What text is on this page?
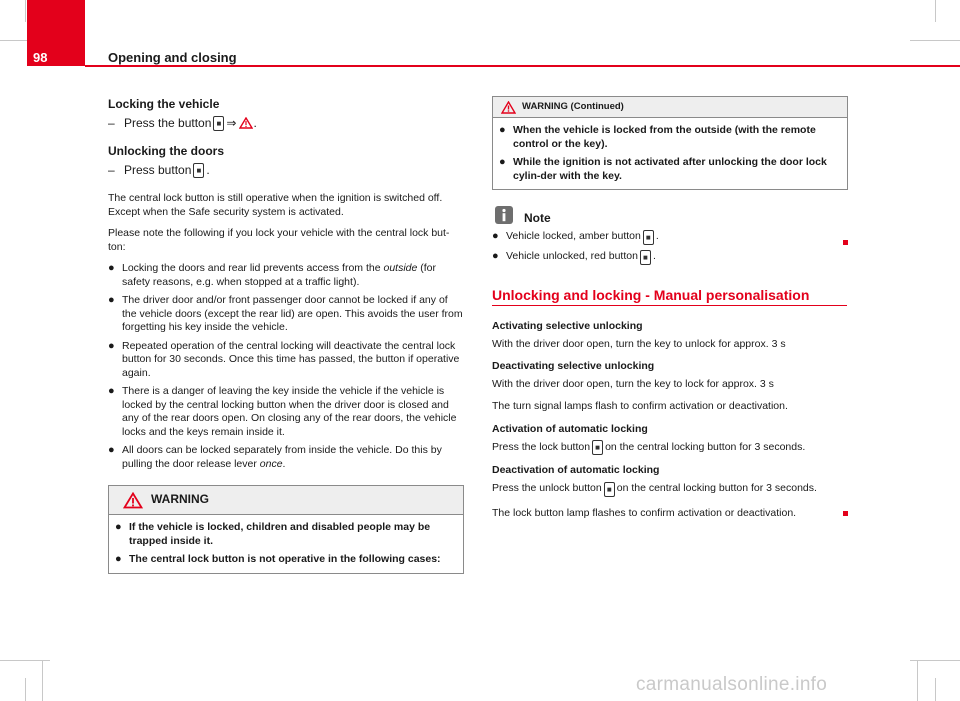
98	Opening and closing
Locking the vehicle
– Press the button ■ ⇒ .
Unlocking the doors
– Press button ■ .

The central lock button is still operative when the ignition is switched off. Except when the Safe security system is activated.

Please note the following if you lock your vehicle with the central lock but-ton:

● Locking the doors and rear lid prevents access from the outside (for safety reasons, e.g. when stopped at a traffic light).
● The driver door and/or front passenger door cannot be locked if any of the vehicle doors (except the rear lid) are open. This avoids the user from forgetting his key inside the vehicle.
● Repeated operation of the central locking will deactivate the central lock button for 30 seconds. Once this time has passed, the button if operative again.
● There is a danger of leaving the key inside the vehicle if the vehicle is locked by the central locking button when the driver door is closed and any of the rear doors open. On closing any of the rear doors, the vehicle locks and the keys remain inside it.
● All doors can be locked separately from inside the vehicle. Do this by pulling the door release lever once.
WARNING
● If the vehicle is locked, children and disabled people may be trapped inside it.
● The central lock button is not operative in the following cases:
WARNING (Continued)
● When the vehicle is locked from the outside (with the remote control or the key).
● While the ignition is not activated after unlocking the door lock cylin-der with the key.
Note
● Vehicle locked, amber button ■ .
● Vehicle unlocked, red button ■ .
Unlocking and locking - Manual personalisation

Activating selective unlocking

With the driver door open, turn the key to unlock for approx. 3 s

Deactivating selective unlocking

With the driver door open, turn the key to lock for approx. 3 s

The turn signal lamps flash to confirm activation or deactivation.

Activation of automatic locking

Press the lock button ■ on the central locking button for 3 seconds.

Deactivation of automatic locking

Press the unlock button ■ on the central locking button for 3 seconds.

The lock button lamp flashes to confirm activation or deactivation.

carmanualsonline.info
